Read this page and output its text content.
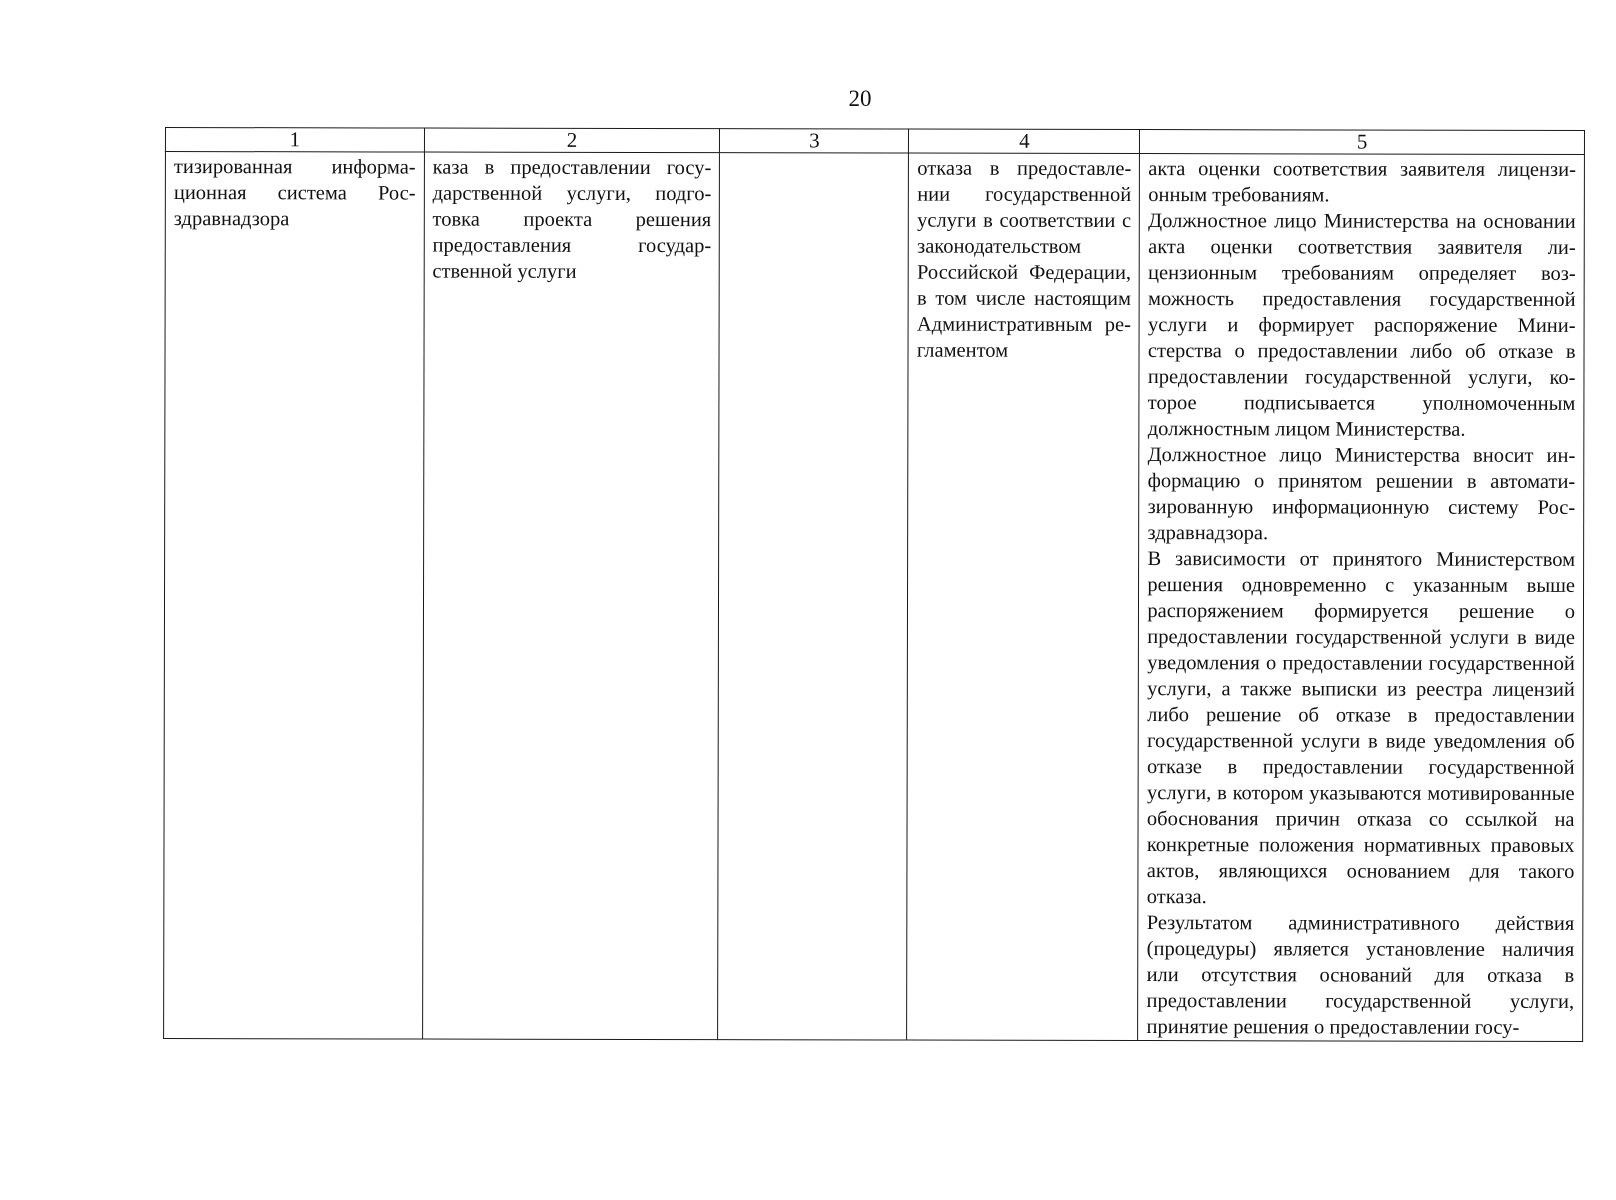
20
1	2	3	4	5

тизированная информационная система Росздравнадзора	каза в предоставлении государственной услуги, подготовка проекта решения предоставления государственной услуги		отказа в предоставлении государственной услуги в соответствии с законодательством Российской Федерации, в том числе настоящим Административным регламентом	акта оценки соответствия заявителя лицензионным требованиям.
Должностное лицо Министерства на основании акта оценки соответствия заявителя лицензионным требованиям определяет возможность предоставления государственной услуги и формирует распоряжение Министерства о предоставлении либо об отказе в предоставлении государственной услуги, которое подписывается уполномоченным должностным лицом Министерства.
Должностное лицо Министерства вносит информацию о принятом решении в автоматизированную информационную систему Росздравнадзора.
В зависимости от принятого Министерством решения одновременно с указанным выше распоряжением формируется решение о предоставлении государственной услуги в виде уведомления о предоставлении государственной услуги, а также выписки из реестра лицензий либо решение об отказе в предоставлении государственной услуги в виде уведомления об отказе в предоставлении государственной услуги, в котором указываются мотивированные обоснования причин отказа со ссылкой на конкретные положения нормативных правовых актов, являющихся основанием для такого отказа.
Результатом административного действия (процедуры) является установление наличия или отсутствия оснований для отказа в предоставлении государственной услуги, принятие решения о предоставлении госу-
